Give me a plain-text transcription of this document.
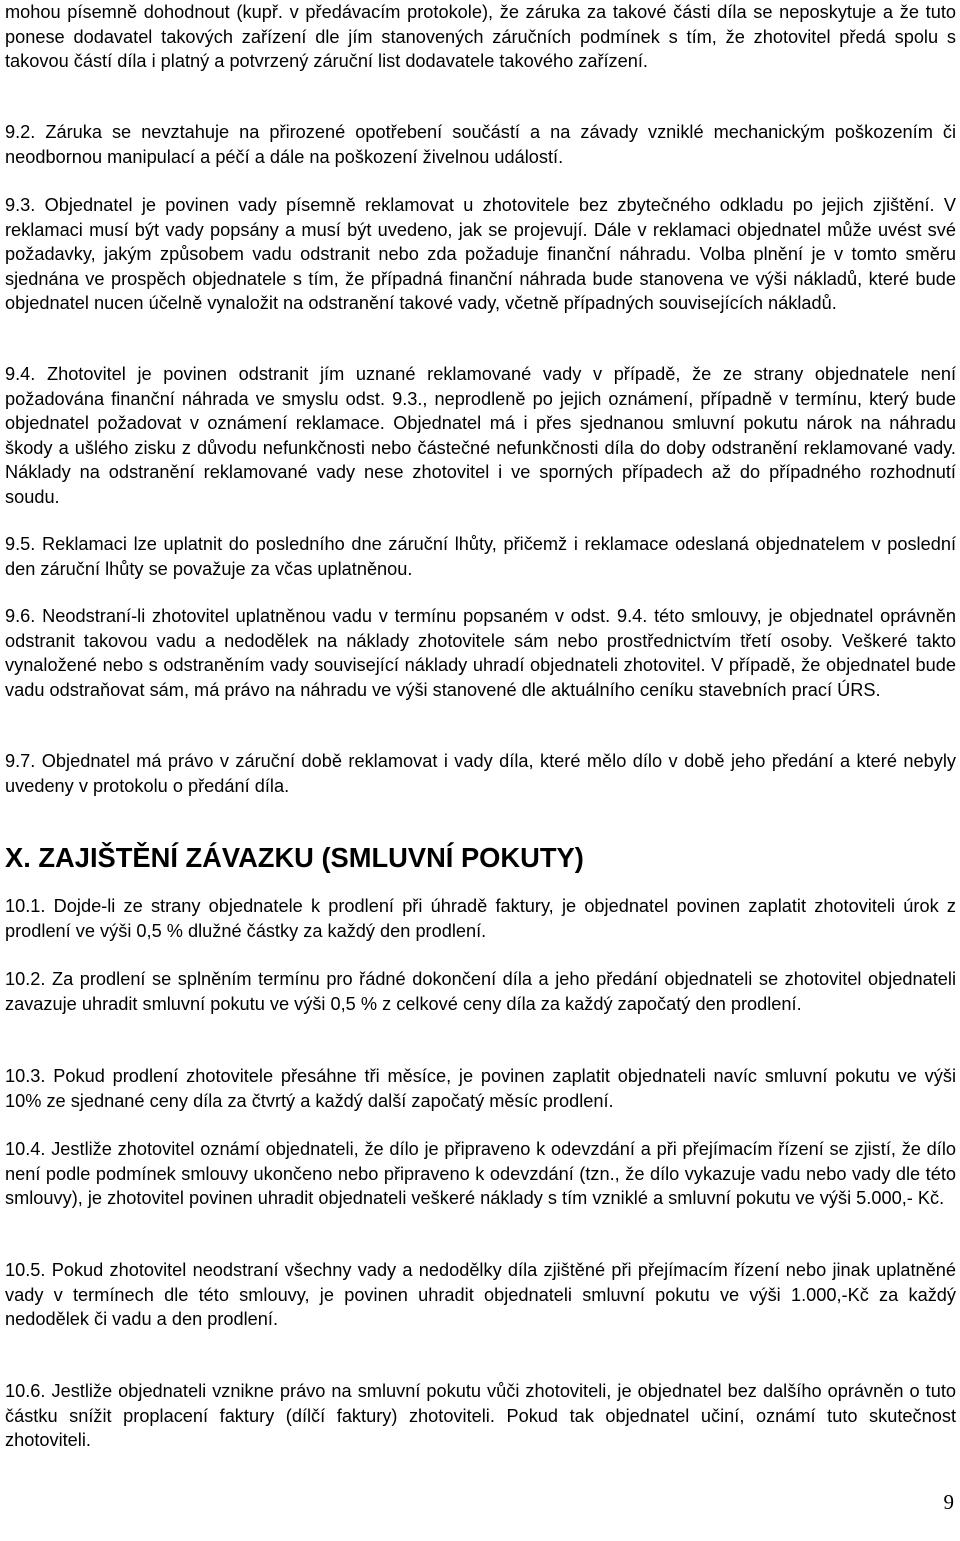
mohou písemně dohodnout (kupř. v předávacím protokole), že záruka za takové části díla se neposkytuje a že tuto ponese dodavatel takových zařízení dle jím stanovených záručních podmínek s tím, že zhotovitel předá spolu s takovou částí díla i platný a potvrzený záruční list dodavatele takového zařízení.

9.2. Záruka se nevztahuje na přirozené opotřebení součástí a na závady vzniklé mechanickým poškozením či neodbornou manipulací a péčí a dále na poškození živelnou událostí.

9.3. Objednatel je povinen vady písemně reklamovat u zhotovitele bez zbytečného odkladu po jejich zjištění. V reklamaci musí být vady popsány a musí být uvedeno, jak se projevují. Dále v reklamaci objednatel může uvést své požadavky, jakým způsobem vadu odstranit nebo zda požaduje finanční náhradu. Volba plnění je v tomto směru sjednána ve prospěch objednatele s tím, že případná finanční náhrada bude stanovena ve výši nákladů, které bude objednatel nucen účelně vynaložit na odstranění takové vady, včetně případných souvisejících nákladů.

9.4. Zhotovitel je povinen odstranit jím uznané reklamované vady v případě, že ze strany objednatele není požadována finanční náhrada ve smyslu odst. 9.3., neprodleně po jejich oznámení, případně v termínu, který bude objednatel požadovat v oznámení reklamace. Objednatel má i přes sjednanou smluvní pokutu nárok na náhradu škody a ušlého zisku z důvodu nefunkčnosti nebo částečné nefunkčnosti díla do doby odstranění reklamované vady. Náklady na odstranění reklamované vady nese zhotovitel i ve sporných případech až do případného rozhodnutí soudu.

9.5. Reklamaci lze uplatnit do posledního dne záruční lhůty, přičemž i reklamace odeslaná objednatelem v poslední den záruční lhůty se považuje za včas uplatněnou.

9.6. Neodstraní-li zhotovitel uplatněnou vadu v termínu popsaném v odst. 9.4. této smlouvy, je objednatel oprávněn odstranit takovou vadu a nedodělek na náklady zhotovitele sám nebo prostřednictvím třetí osoby. Veškeré takto vynaložené nebo s odstraněním vady související náklady uhradí objednateli zhotovitel. V případě, že objednatel bude vadu odstraňovat sám, má právo na náhradu ve výši stanovené dle aktuálního ceníku stavebních prací ÚRS.

9.7. Objednatel má právo v záruční době reklamovat i vady díla, které mělo dílo v době jeho předání a které nebyly uvedeny v protokolu o předání díla.

X. ZAJIŠTĚNÍ ZÁVAZKU (SMLUVNÍ POKUTY)

10.1. Dojde-li ze strany objednatele k prodlení při úhradě faktury, je objednatel povinen zaplatit zhotoviteli úrok z prodlení ve výši 0,5 % dlužné částky za každý den prodlení.

10.2. Za prodlení se splněním termínu pro řádné dokončení díla a jeho předání objednateli se zhotovitel objednateli zavazuje uhradit smluvní pokutu ve výši 0,5 % z celkové ceny díla za každý započatý den prodlení.

10.3. Pokud prodlení zhotovitele přesáhne tři měsíce, je povinen zaplatit objednateli navíc smluvní pokutu ve výši 10% ze sjednané ceny díla za čtvrtý a každý další započatý měsíc prodlení.

10.4. Jestliže zhotovitel oznámí objednateli, že dílo je připraveno k odevzdání a při přejímacím řízení se zjistí, že dílo není podle podmínek smlouvy ukončeno nebo připraveno k odevzdání (tzn., že dílo vykazuje vadu nebo vady dle této smlouvy), je zhotovitel povinen uhradit objednateli veškeré náklady s tím vzniklé a smluvní pokutu ve výši 5.000,- Kč.

10.5. Pokud zhotovitel neodstraní všechny vady a nedodělky díla zjištěné při přejímacím řízení nebo jinak uplatněné vady v termínech dle této smlouvy, je povinen uhradit objednateli smluvní pokutu ve výši 1.000,-Kč za každý nedodělek či vadu a den prodlení.

10.6. Jestliže objednateli vznikne právo na smluvní pokutu vůči zhotoviteli, je objednatel bez dalšího oprávněn o tuto částku snížit proplacení faktury (dílčí faktury) zhotoviteli. Pokud tak objednatel učiní, oznámí tuto skutečnost zhotoviteli.

9
